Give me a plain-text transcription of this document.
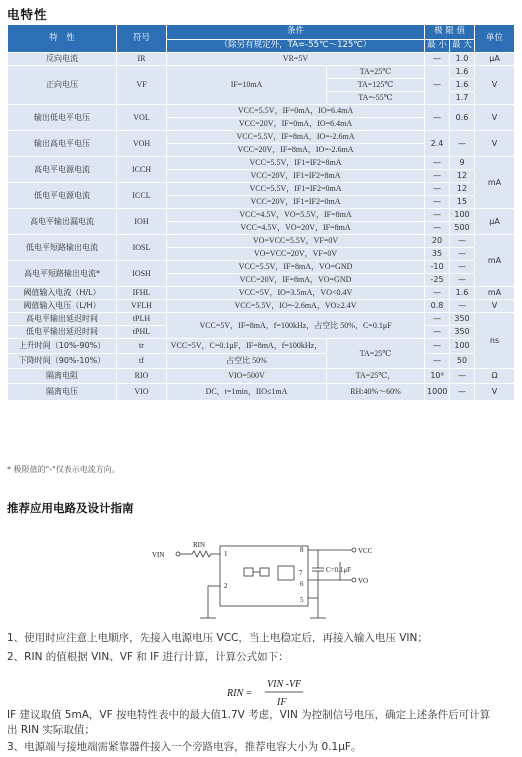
电特性
特　性	符号	条件		极 限 值		单位
		（除另有规定外，TA=-55℃～125℃）		最 小	最 大	
反向电流	IR	VR=5V		—	1.0	μA
正向电压	VF	IF=10mA	TA=25℃	—	1.6	V
			TA=125℃		1.6	
			TA=-55℃		1.7	
输出低电平电压	VOL	VCC=5.5V，IF=0mA，IO=6.4mA		—	0.6	V
		VCC=20V，IF=0mA，IO=6.4mA				
输出高电平电压	VOH	VCC=5.5V，IF=8mA，IO=-2.6mA		2.4	—	V
		VCC=20V，IF=8mA，IO=-2.6mA				
高电平电源电流	ICCH	VCC=5.5V，IF1=IF2=8mA		—	9	mA
		VCC=20V，IF1=IF2=8mA		—	12	
低电平电源电流	ICCL	VCC=5.5V，IF1=IF2=0mA		—	12	
		VCC=20V，IF1=IF2=0mA		—	15	
高电平输出漏电流	IOH	VCC=4.5V，VO=5.5V，IF=8mA		—	100	μA
		VCC=4.5V，VO=20V，IF=8mA		—	500	
低电平短路输出电流	IOSL	VO=VCC=5.5V，VF=0V		20	—	mA
		VO=VCC=20V，VF=0V		35	—	
高电平短路输出电流*	IOSH	VCC=5.5V，IF=8mA，VO=GND		-10	—	
		VCC=20V，IF=8mA，VO=GND		-25	—	
阈值输入电流（H/L）	IFHL	VCC=5V，IO=3.5mA，VO<0.4V		—	1.6	mA
阈值输入电压（L/H）	VFLH	VCC=5.5V，IO=-2.6mA，VO≥2.4V		0.8	—	V
高电平输出延迟时间	tPLH	VCC=5V，IF=8mA，f=100kHz，占空比 50%，C=0.1μF		—	350	ns
低电平输出延迟时间	tPHL			—	350	
上升时间（10%-90%）	tr	VCC=5V，C=0.1μF，IF=8mA，f=100kHz，	TA=25℃	—	100	
下降时间（90%-10%）	tf	占空比 50%		—	50	
隔离电阻	RIO	VIO=500V	TA=25℃，	10⁹	—	Ω
隔离电压	VIO	DC，t=1min，IIO≤1mA	RH:40%～60%	1000	—	V
* 极限值的"-"仅表示电流方向。
推荐应用电路及设计指南
VIN
RIN
VCC
VO
C=0.1μF
1
2
8
7
6
5
1、使用时应注意上电顺序，先接入电源电压 VCC，当上电稳定后，再接入输入电压 VIN；
2、RIN 的值根据 VIN、VF 和 IF 进行计算，计算公式如下：
RIN =
VIN -VF
IF
IF 建议取值 5mA，VF 按电特性表中的最大值1.7V 考虑，VIN 为控制信号电压，确定上述条件后可计算
出 RIN 实际取值；
3、电源端与接地端需紧靠器件接入一个旁路电容，推荐电容大小为 0.1μF。
